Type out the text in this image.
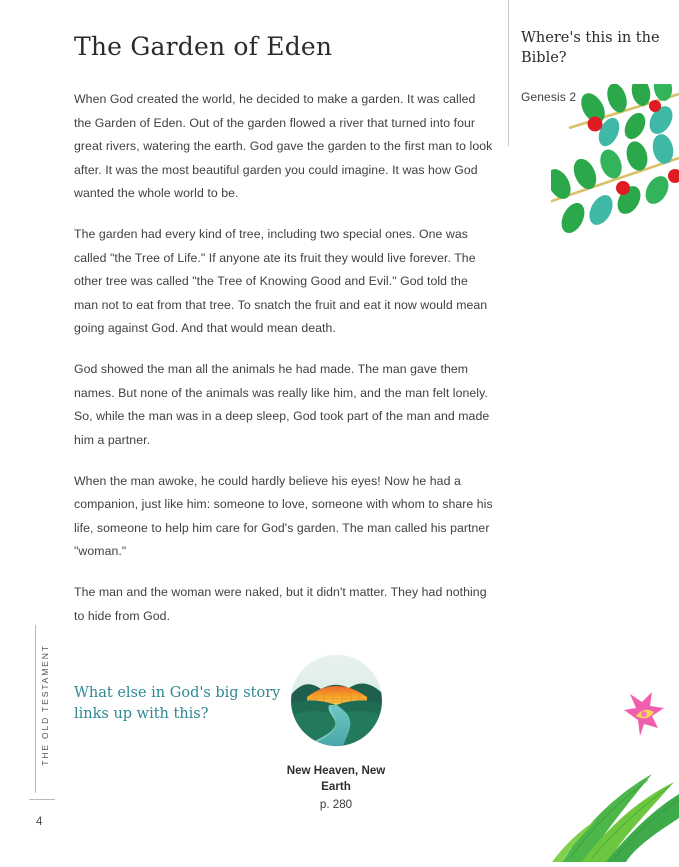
The Garden of Eden

When God created the world, he decided to make a garden. It was called the Garden of Eden. Out of the garden flowed a river that turned into four great rivers, watering the earth. God gave the garden to the first man to look after. It was the most beautiful garden you could imagine. It was how God wanted the whole world to be.

The garden had every kind of tree, including two special ones. One was called "the Tree of Life." If anyone ate its fruit they would live forever. The other tree was called "the Tree of Knowing Good and Evil." God told the man not to eat from that tree. To snatch the fruit and eat it now would mean going against God. And that would mean death.

God showed the man all the animals he had made. The man gave them names. But none of the animals was really like him, and the man felt lonely. So, while the man was in a deep sleep, God took part of the man and made him a partner.

When the man awoke, he could hardly believe his eyes! Now he had a companion, just like him: someone to love, someone with whom to share his life, someone to help him care for God's garden. The man called his partner "woman."

The man and the woman were naked, but it didn't matter. They had nothing to hide from God.

Where's this in the Bible?
Genesis 2
What else in God's big story links up with this?
New Heaven, New Earth
p. 280
THE OLD TESTAMENT
4
